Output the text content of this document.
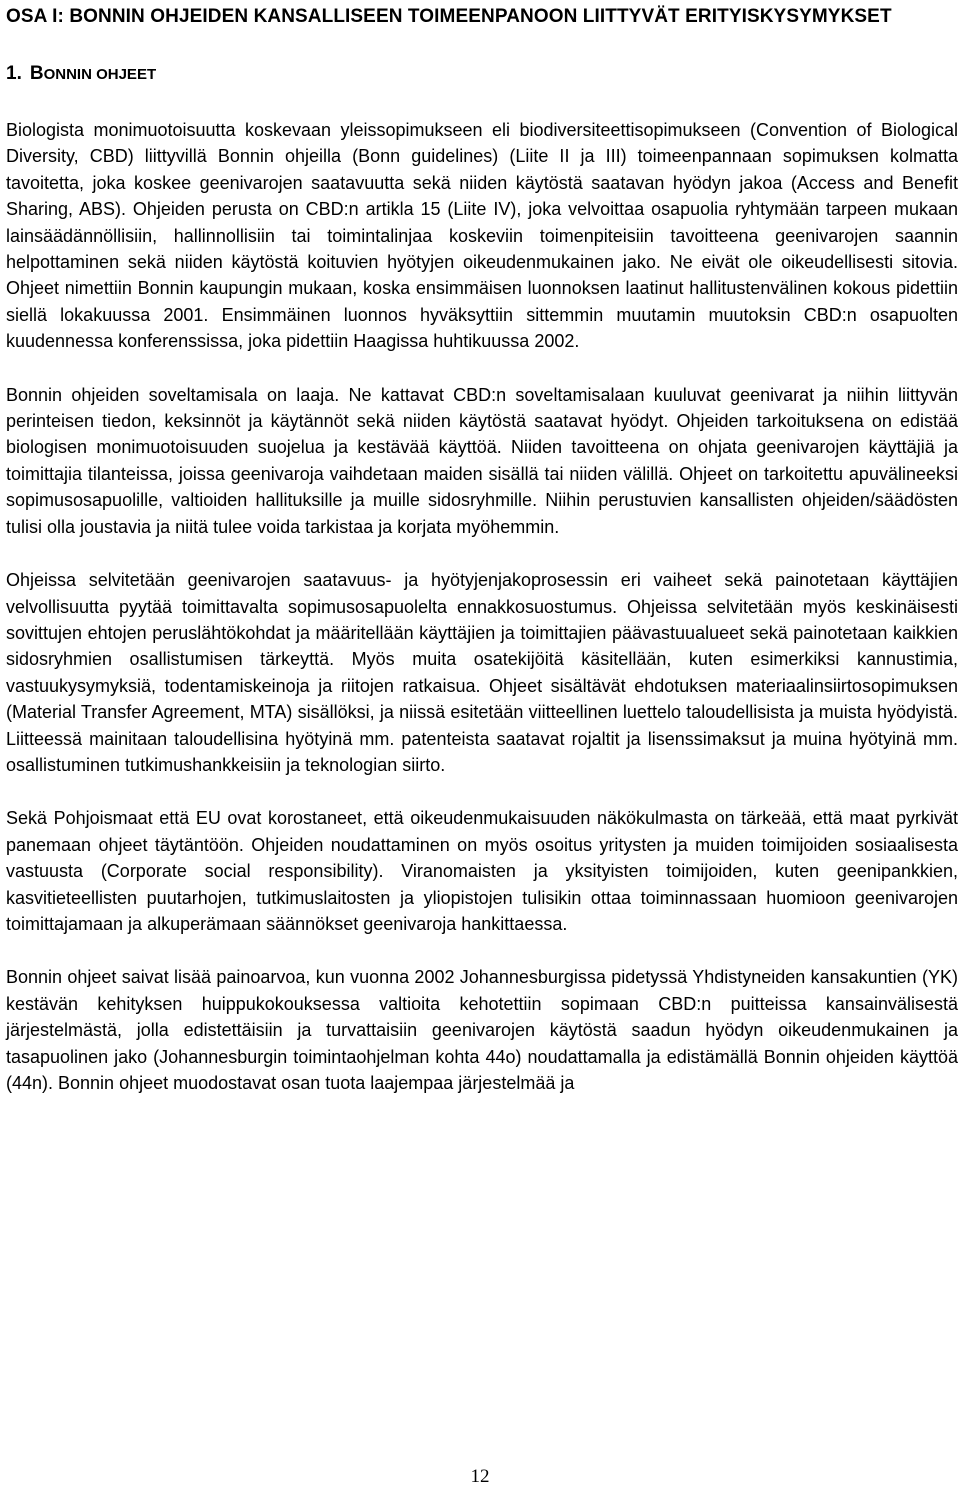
OSA I: BONNIN OHJEIDEN KANSALLISEEN TOIMEENPANOON LIITTYVÄT ERITYISKYSYMYKSET
1. BONNIN OHJEET

Biologista monimuotoisuutta koskevaan yleissopimukseen eli biodiversiteettisopimukseen (Convention of Biological Diversity, CBD) liittyvillä Bonnin ohjeilla (Bonn guidelines) (Liite II ja III) toimeenpannaan sopimuksen kolmatta tavoitetta, joka koskee geenivarojen saatavuutta sekä niiden käytöstä saatavan hyödyn jakoa (Access and Benefit Sharing, ABS). Ohjeiden perusta on CBD:n artikla 15 (Liite IV), joka velvoittaa osapuolia ryhtymään tarpeen mukaan lainsäädännöllisiin, hallinnollisiin tai toimintalinjaa koskeviin toimenpiteisiin tavoitteena geenivarojen saannin helpottaminen sekä niiden käytöstä koituvien hyötyjen oikeudenmukainen jako. Ne eivät ole oikeudellisesti sitovia. Ohjeet nimettiin Bonnin kaupungin mukaan, koska ensimmäisen luonnoksen laatinut hallitustenvälinen kokous pidettiin siellä lokakuussa 2001. Ensimmäinen luonnos hyväksyttiin sittemmin muutamin muutoksin CBD:n osapuolten kuudennessa konferenssissa, joka pidettiin Haagissa huhtikuussa 2002.

Bonnin ohjeiden soveltamisala on laaja. Ne kattavat CBD:n soveltamisalaan kuuluvat geenivarat ja niihin liittyvän perinteisen tiedon, keksinnöt ja käytännöt sekä niiden käytöstä saatavat hyödyt. Ohjeiden tarkoituksena on edistää biologisen monimuotoisuuden suojelua ja kestävää käyttöä. Niiden tavoitteena on ohjata geenivarojen käyttäjiä ja toimittajia tilanteissa, joissa geenivaroja vaihdetaan maiden sisällä tai niiden välillä. Ohjeet on tarkoitettu apuvälineeksi sopimusosapuolille, valtioiden hallituksille ja muille sidosryhmille. Niihin perustuvien kansallisten ohjeiden/säädösten tulisi olla joustavia ja niitä tulee voida tarkistaa ja korjata myöhemmin.

Ohjeissa selvitetään geenivarojen saatavuus- ja hyötyjenjakoprosessin eri vaiheet sekä painotetaan käyttäjien velvollisuutta pyytää toimittavalta sopimusosapuolelta ennakkosuostumus. Ohjeissa selvitetään myös keskinäisesti sovittujen ehtojen peruslähtökohdat ja määritellään käyttäjien ja toimittajien päävastuualueet sekä painotetaan kaikkien sidosryhmien osallistumisen tärkeyttä. Myös muita osatekijöitä käsitellään, kuten esimerkiksi kannustimia, vastuukysymyksiä, todentamiskeinoja ja riitojen ratkaisua. Ohjeet sisältävät ehdotuksen materiaalinsiirtosopimuksen (Material Transfer Agreement, MTA) sisällöksi, ja niissä esitetään viitteellinen luettelo taloudellisista ja muista hyödyistä. Liitteessä mainitaan taloudellisina hyötyinä mm. patenteista saatavat rojaltit ja lisenssimaksut ja muina hyötyinä mm. osallistuminen tutkimushankkeisiin ja teknologian siirto.

Sekä Pohjoismaat että EU ovat korostaneet, että oikeudenmukaisuuden näkökulmasta on tärkeää, että maat pyrkivät panemaan ohjeet täytäntöön. Ohjeiden noudattaminen on myös osoitus yritysten ja muiden toimijoiden sosiaalisesta vastuusta (Corporate social responsibility). Viranomaisten ja yksityisten toimijoiden, kuten geenipankkien, kasvitieteellisten puutarhojen, tutkimuslaitosten ja yliopistojen tulisikin ottaa toiminnassaan huomioon geenivarojen toimittajamaan ja alkuperämaan säännökset geenivaroja hankittaessa.

Bonnin ohjeet saivat lisää painoarvoa, kun vuonna 2002 Johannesburgissa pidetyssä Yhdistyneiden kansakuntien (YK) kestävän kehityksen huippukokouksessa valtioita kehotettiin sopimaan CBD:n puitteissa kansainvälisestä järjestelmästä, jolla edistettäisiin ja turvattaisiin geenivarojen käytöstä saadun hyödyn oikeudenmukainen ja tasapuolinen jako (Johannesburgin toimintaohjelman kohta 44o) noudattamalla ja edistämällä Bonnin ohjeiden käyttöä (44n). Bonnin ohjeet muodostavat osan tuota laajempaa järjestelmää ja

12
